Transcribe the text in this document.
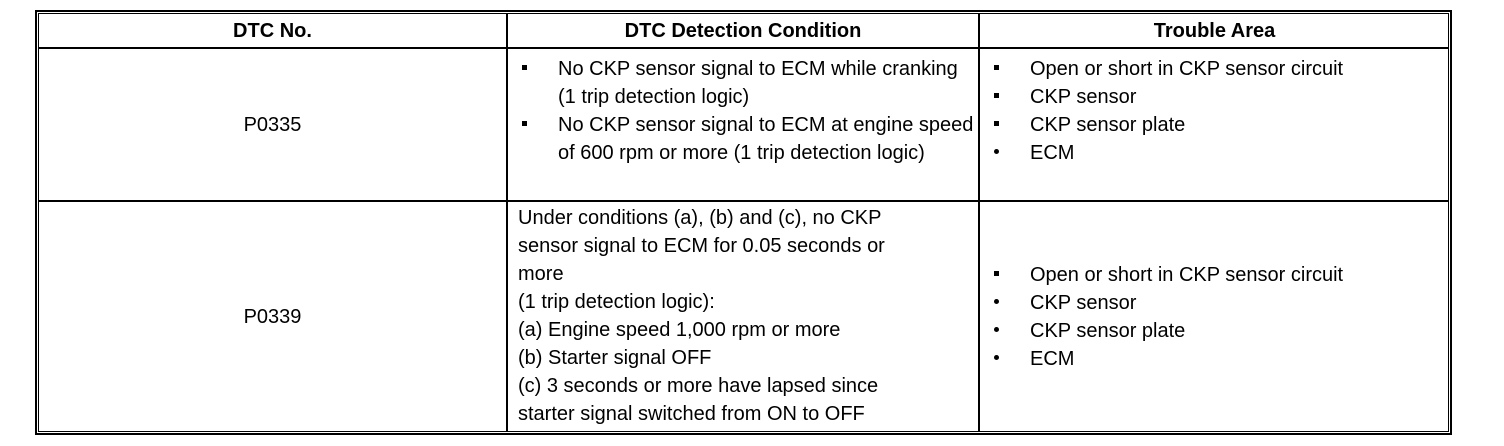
DTC No.	DTC Detection Condition	Trouble Area
P0335
No CKP sensor signal to ECM while cranking (1 trip detection logic)
No CKP sensor signal to ECM at engine speed of 600 rpm or more (1 trip detection logic)
Open or short in CKP sensor circuit
CKP sensor
CKP sensor plate
ECM
P0339
Under conditions (a), (b) and (c), no CKP
sensor signal to ECM for 0.05 seconds or
more
(1 trip detection logic):
(a) Engine speed 1,000 rpm or more
(b) Starter signal OFF
(c) 3 seconds or more have lapsed since
starter signal switched from ON to OFF
Open or short in CKP sensor circuit
CKP sensor
CKP sensor plate
ECM
